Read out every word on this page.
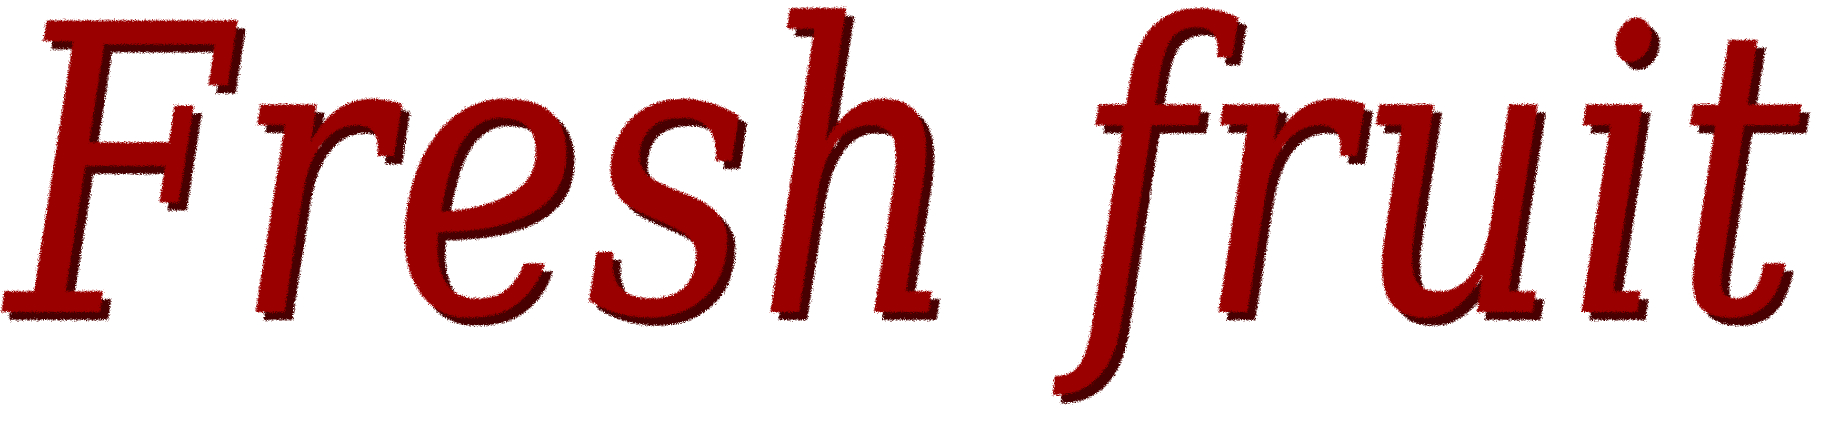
Fresh fruit
Fresh fruit
